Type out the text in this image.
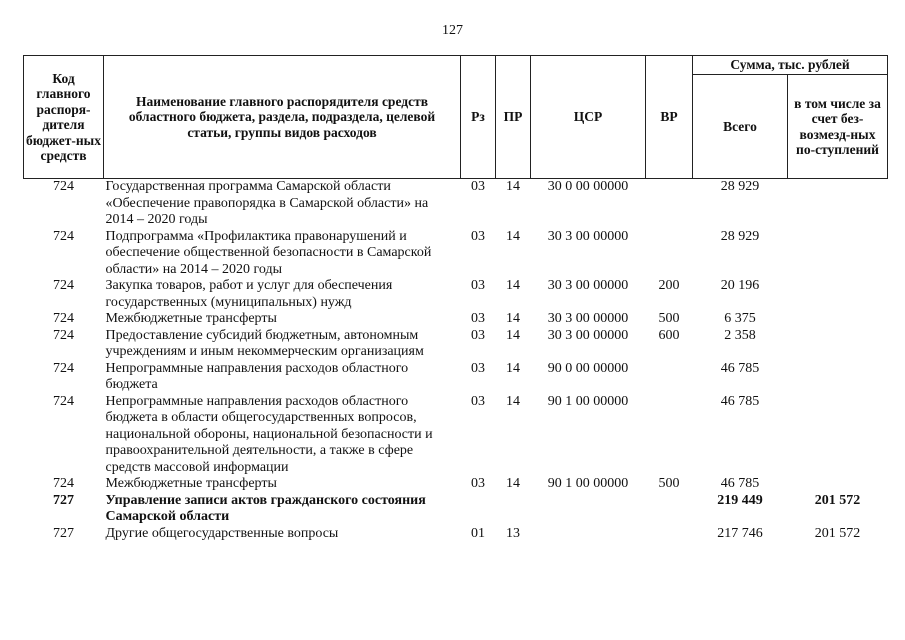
127
Код главного распоря-дителя бюджет-ных средств	Наименование главного распорядителя средств областного бюджета, раздела, подраздела, целевой статьи, группы видов расходов	Рз	ПР	ЦСР	ВР	Сумма, тыс. рублей	
						Всего	в том числе за счет без-возмезд-ных по-ступлений
724	Государственная программа Самарской области «Обеспечение правопорядка в Самарской области» на 2014 – 2020 годы	03	14	30 0 00 00000		28 929	
724	Подпрограмма «Профилактика правонарушений и обеспечение общественной безопасности в Самарской области» на 2014 – 2020 годы	03	14	30 3 00 00000		28 929	
724	Закупка товаров, работ и услуг для обеспечения государственных (муниципальных) нужд	03	14	30 3 00 00000	200	20 196	
724	Межбюджетные трансферты	03	14	30 3 00 00000	500	6 375	
724	Предоставление субсидий бюджетным, автономным учреждениям и иным некоммерческим организациям	03	14	30 3 00 00000	600	2 358	
724	Непрограммные направления расходов областного бюджета	03	14	90 0 00 00000		46 785	
724	Непрограммные направления расходов областного бюджета в области общегосударственных вопросов, национальной обороны, национальной безопасности и правоохранительной деятельности, а также в сфере средств массовой информации	03	14	90 1 00 00000		46 785	
724	Межбюджетные трансферты	03	14	90 1 00 00000	500	46 785	
727	Управление записи актов гражданского состояния Самарской области					219 449	201 572
727	Другие общегосударственные вопросы	01	13			217 746	201 572
